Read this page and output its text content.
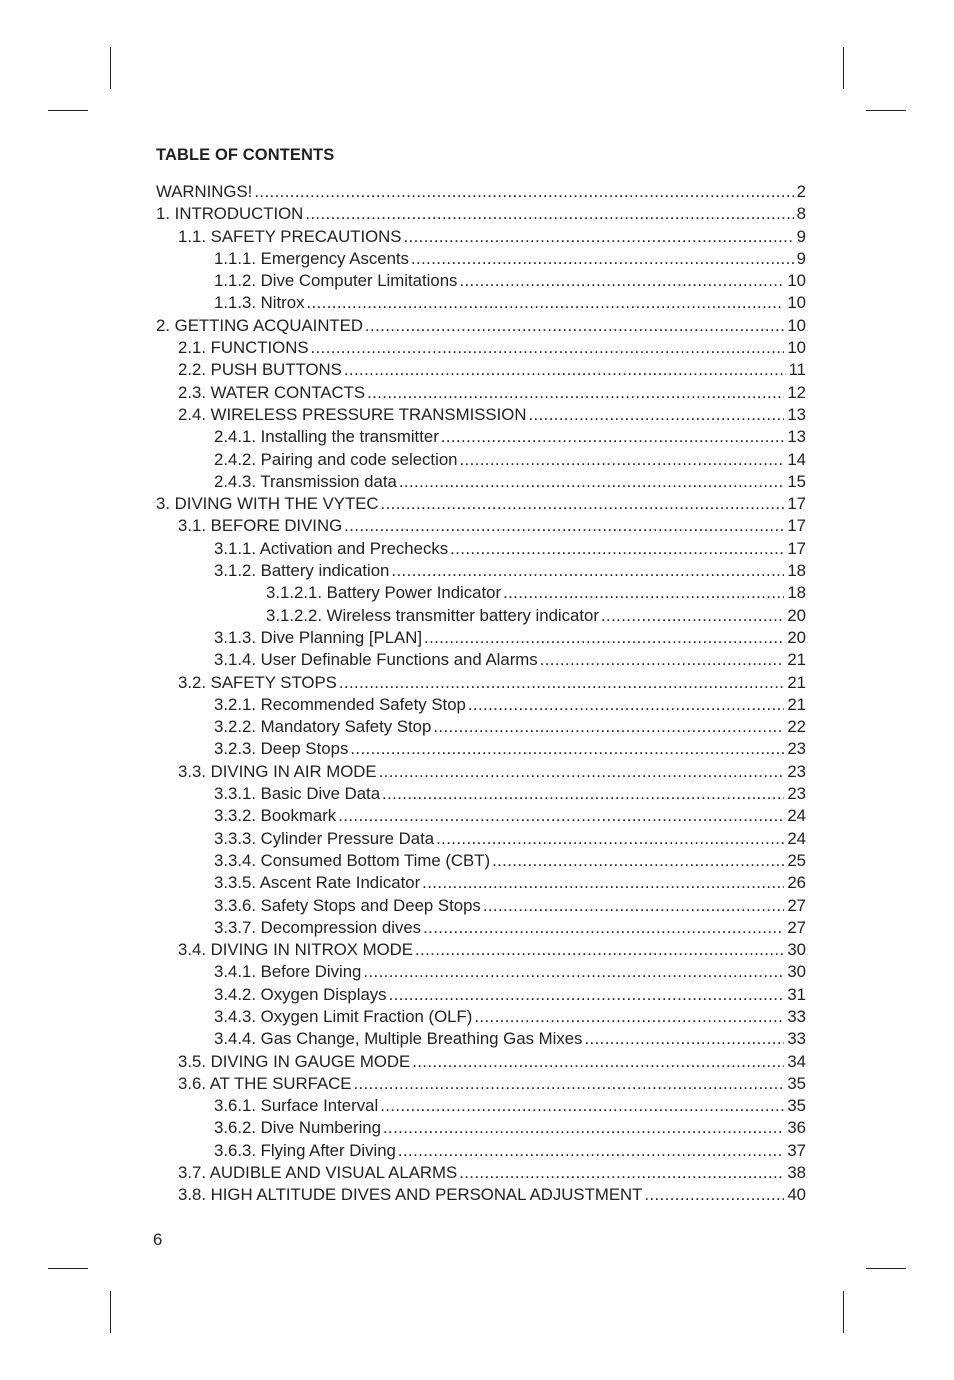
TABLE OF CONTENTS
WARNINGS! .....	2
1. INTRODUCTION .....	8
1.1. SAFETY PRECAUTIONS .....	9
1.1.1. Emergency Ascents .....	9
1.1.2. Dive Computer Limitations .....	10
1.1.3. Nitrox .....	10
2. GETTING ACQUAINTED .....	10
2.1. FUNCTIONS .....	10
2.2. PUSH BUTTONS .....	11
2.3. WATER CONTACTS .....	12
2.4. WIRELESS PRESSURE TRANSMISSION .....	13
2.4.1. Installing the transmitter .....	13
2.4.2. Pairing and code selection .....	14
2.4.3. Transmission data .....	15
3. DIVING WITH THE VYTEC .....	17
3.1. BEFORE DIVING .....	17
3.1.1. Activation and Prechecks .....	17
3.1.2. Battery indication .....	18
3.1.2.1. Battery Power Indicator .....	18
3.1.2.2. Wireless transmitter battery indicator .....	20
3.1.3. Dive Planning [PLAN] .....	20
3.1.4. User Definable Functions and Alarms .....	21
3.2. SAFETY STOPS .....	21
3.2.1. Recommended Safety Stop .....	21
3.2.2. Mandatory Safety Stop .....	22
3.2.3. Deep Stops .....	23
3.3. DIVING IN AIR MODE .....	23
3.3.1. Basic Dive Data .....	23
3.3.2. Bookmark .....	24
3.3.3. Cylinder Pressure Data .....	24
3.3.4. Consumed Bottom Time (CBT) .....	25
3.3.5. Ascent Rate Indicator .....	26
3.3.6. Safety Stops and Deep Stops .....	27
3.3.7. Decompression dives .....	27
3.4. DIVING IN NITROX MODE .....	30
3.4.1. Before Diving .....	30
3.4.2. Oxygen Displays .....	31
3.4.3. Oxygen Limit Fraction (OLF) .....	33
3.4.4. Gas Change, Multiple Breathing Gas Mixes .....	33
3.5. DIVING IN GAUGE MODE .....	34
3.6. AT THE SURFACE .....	35
3.6.1. Surface Interval .....	35
3.6.2. Dive Numbering .....	36
3.6.3. Flying After Diving .....	37
3.7. AUDIBLE AND VISUAL ALARMS .....	38
3.8. HIGH ALTITUDE DIVES AND PERSONAL ADJUSTMENT .....	40
6
